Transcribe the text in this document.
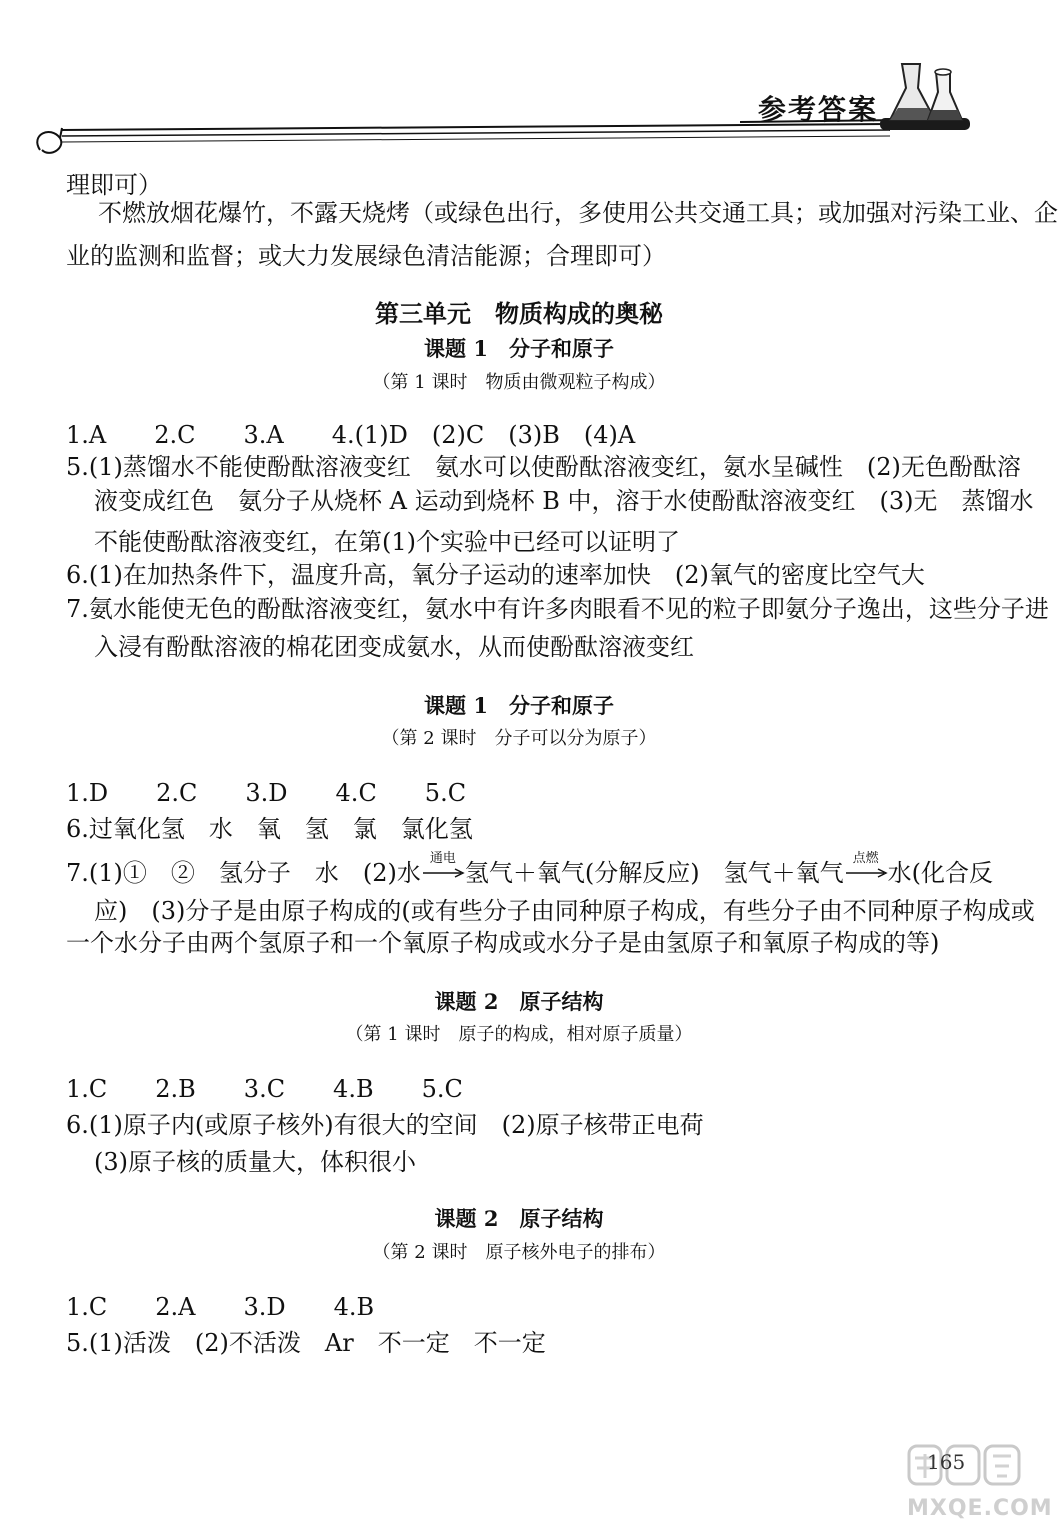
参考答案
理即可）
不燃放烟花爆竹，不露天烧烤（或绿色出行，多使用公共交通工具；或加强对污染工业、企
业的监测和监督；或大力发展绿色清洁能源；合理即可）
第三单元　物质构成的奥秘
课题 1　分子和原子
（第 1 课时　物质由微观粒子构成）
1.A　　2.C　　3.A　　4.(1)D　(2)C　(3)B　(4)A
5.(1)蒸馏水不能使酚酞溶液变红　氨水可以使酚酞溶液变红，氨水呈碱性　(2)无色酚酞溶
液变成红色　氨分子从烧杯 A 运动到烧杯 B 中，溶于水使酚酞溶液变红　(3)无　蒸馏水
不能使酚酞溶液变红，在第(1)个实验中已经可以证明了
6.(1)在加热条件下，温度升高，氧分子运动的速率加快　(2)氧气的密度比空气大
7.氨水能使无色的酚酞溶液变红，氨水中有许多肉眼看不见的粒子即氨分子逸出，这些分子进
入浸有酚酞溶液的棉花团变成氨水，从而使酚酞溶液变红
课题 1　分子和原子
（第 2 课时　分子可以分为原子）
1.D　　2.C　　3.D　　4.C　　5.C
6.过氧化氢　水　氧　氢　氯　氯化氢
7.(1)①　②　氢分子　水　(2)水
通电
氢气＋氧气(分解反应)　氢气＋氧气
点燃
水(化合反
应)　(3)分子是由原子构成的(或有些分子由同种原子构成，有些分子由不同种原子构成或
一个水分子由两个氢原子和一个氧原子构成或水分子是由氢原子和氧原子构成的等)
课题 2　原子结构
（第 1 课时　原子的构成，相对原子质量）
1.C　　2.B　　3.C　　4.B　　5.C
6.(1)原子内(或原子核外)有很大的空间　(2)原子核带正电荷
(3)原子核的质量大，体积很小
课题 2　原子结构
（第 2 课时　原子核外电子的排布）
1.C　　2.A　　3.D　　4.B
5.(1)活泼　(2)不活泼　Ar　不一定　不一定
165
MXQE.COM
